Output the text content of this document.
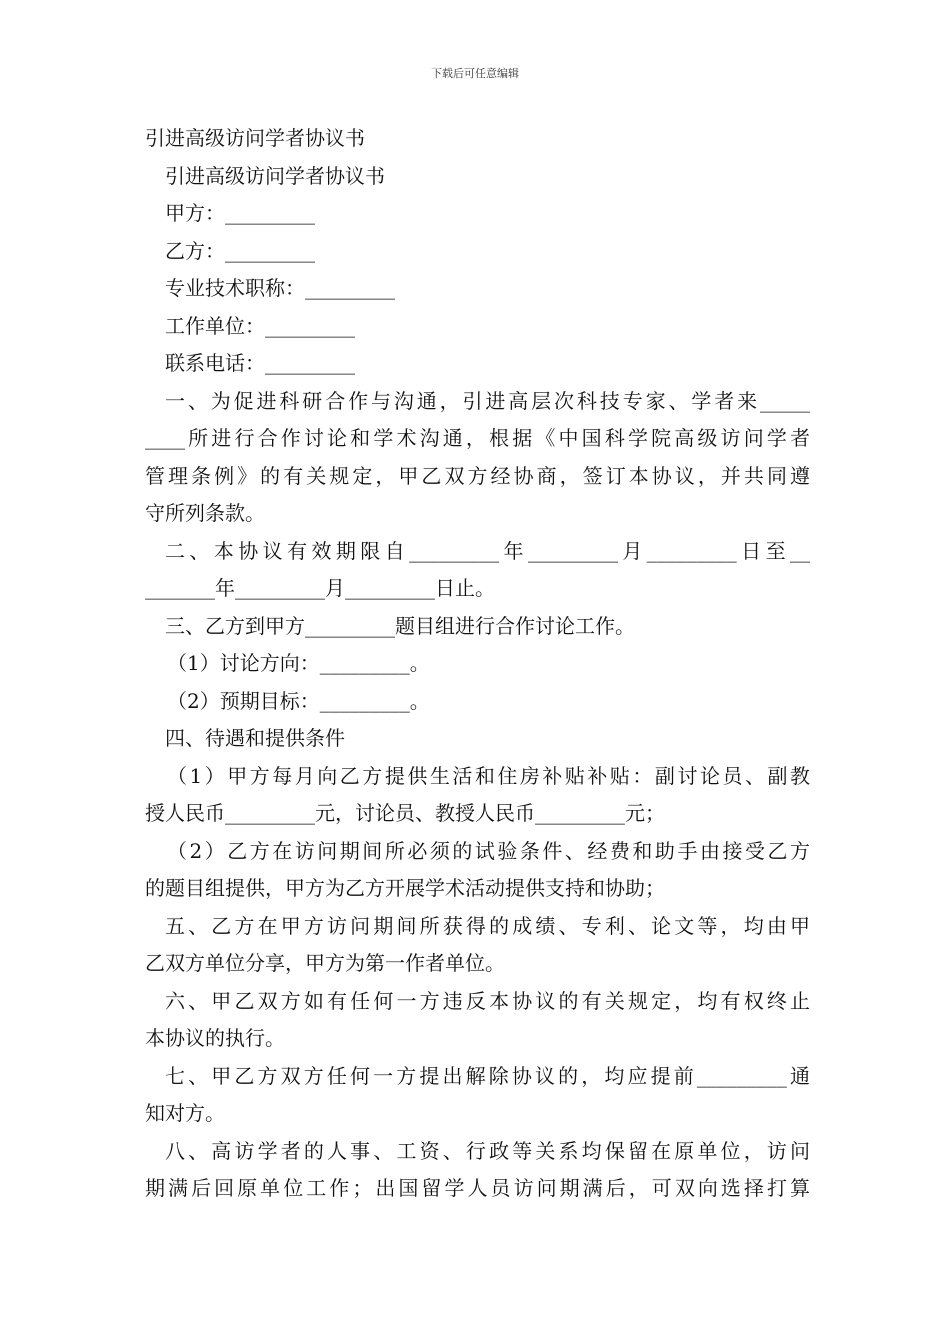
下载后可任意编辑
引进高级访问学者协议书
引进高级访问学者协议书
甲方：_________
乙方：_________
专业技术职称：_________
工作单位：_________
联系电话：_________
一、为促进科研合作与沟通，引进高层次科技专家、学者来_____
____所进行合作讨论和学术沟通，根据《中国科学院高级访问学者
管理条例》的有关规定，甲乙双方经协商，签订本协议，并共同遵
守所列条款。
二、本协议有效期限自_________年_________月_________日至__
_______年_________月_________日止。
三、乙方到甲方_________题目组进行合作讨论工作。
（1）讨论方向：_________。
（2）预期目标：_________。
四、待遇和提供条件
（1）甲方每月向乙方提供生活和住房补贴补贴：副讨论员、副教
授人民币_________元，讨论员、教授人民币_________元；
（2）乙方在访问期间所必须的试验条件、经费和助手由接受乙方
的题目组提供，甲方为乙方开展学术活动提供支持和协助；
五、乙方在甲方访问期间所获得的成绩、专利、论文等，均由甲
乙双方单位分享，甲方为第一作者单位。
六、甲乙双方如有任何一方违反本协议的有关规定，均有权终止
本协议的执行。
七、甲乙方双方任何一方提出解除协议的，均应提前_________通
知对方。
八、高访学者的人事、工资、行政等关系均保留在原单位，访问
期满后回原单位工作；出国留学人员访问期满后，可双向选择打算
